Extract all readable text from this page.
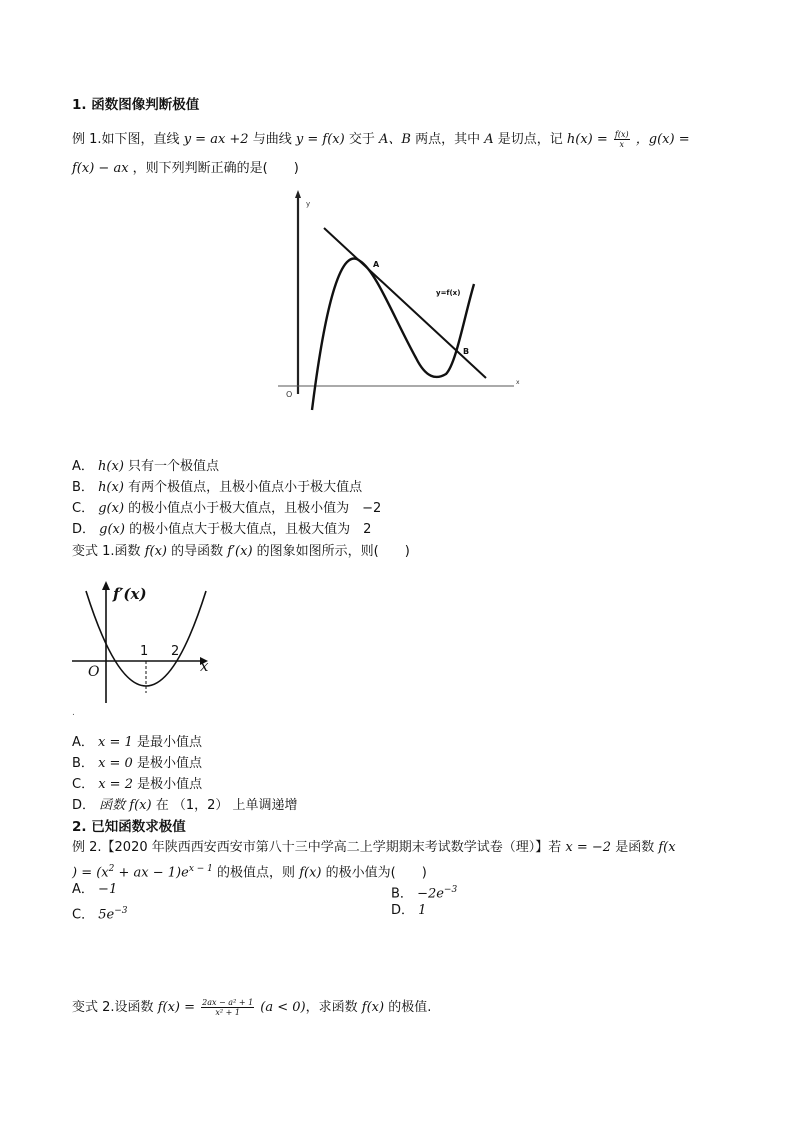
1. 函数图像判断极值
例 1.如下图，直线 y = ax +2 与曲线 y = f(x) 交于 A、B 两点，其中 A 是切点，记 $h(x) = \frac{f(x)}{x}$ ，g(x) =
f(x) − ax ，则下列判断正确的是(　　)
y
O
x
A
B
y=f(x)
A． h(x) 只有一个极值点
B． h(x) 有两个极值点，且极小值点小于极大值点
C． g(x) 的极小值点小于极大值点，且极小值为　−2
D． g(x) 的极小值点大于极大值点，且极大值为　2
变式 1.函数 f(x) 的导函数 f′(x) 的图象如图所示，则(　　)
f′(x)
O
1 2
x
.
A． x = 1 是最小值点
B． x = 0 是极小值点
C． x = 2 是极小值点
D． 函数 f(x) 在 （1，2） 上单调递增
2. 已知函数求极值
例 2.【2020 年陕西西安西安市第八十三中学高二上学期期末考试数学试卷（理）】若 x = −2 是函数 f(x
) = ($x^2$ + ax − $1)e^{x - 1}$ 的极值点，则 f(x) 的极小值为(　　)
A． −1	B． $-2e^{-3}$
C． $5e^{-3}$	D． 1
变式 2.设函数 $f(x) = \frac{\text{2ax − a² + 1}}{\text{x² + 1}} (a < 0)$，求函数 f(x) 的极值.
